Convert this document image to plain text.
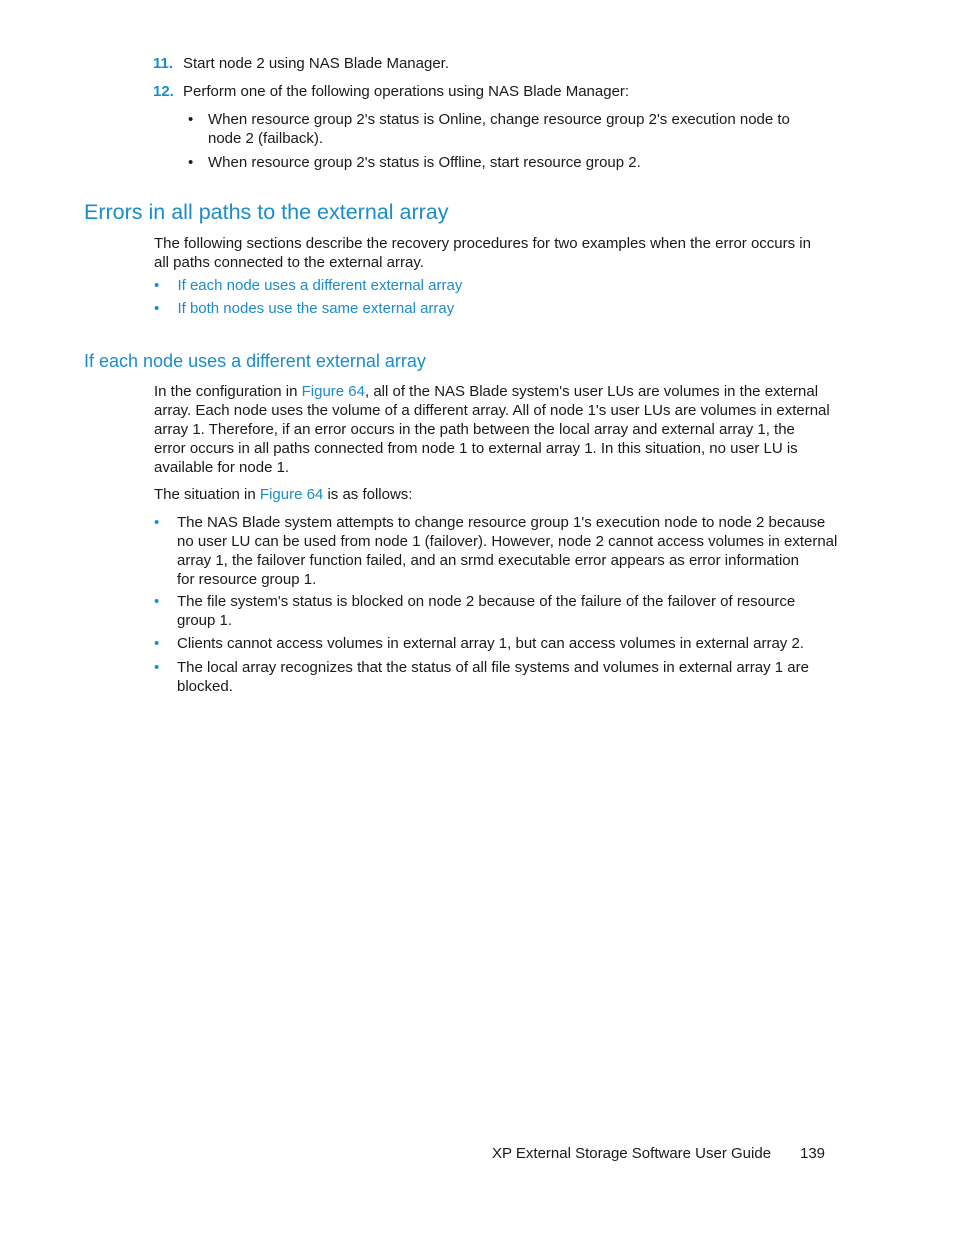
11. Start node 2 using NAS Blade Manager.
12. Perform one of the following operations using NAS Blade Manager:
• When resource group 2's status is Online, change resource group 2's execution node to
node 2 (failback).
• When resource group 2's status is Offline, start resource group 2.
Errors in all paths to the external array
The following sections describe the recovery procedures for two examples when the error occurs in
all paths connected to the external array.
• If each node uses a different external array
• If both nodes use the same external array
If each node uses a different external array
In the configuration in Figure 64, all of the NAS Blade system's user LUs are volumes in the external
array. Each node uses the volume of a different array. All of node 1's user LUs are volumes in external
array 1. Therefore, if an error occurs in the path between the local array and external array 1, the
error occurs in all paths connected from node 1 to external array 1. In this situation, no user LU is
available for node 1.
The situation in Figure 64 is as follows:
• The NAS Blade system attempts to change resource group 1's execution node to node 2 because
no user LU can be used from node 1 (failover). However, node 2 cannot access volumes in external
array 1, the failover function failed, and an srmd executable error appears as error information
for resource group 1.
• The file system's status is blocked on node 2 because of the failure of the failover of resource
group 1.
• Clients cannot access volumes in external array 1, but can access volumes in external array 2.
• The local array recognizes that the status of all file systems and volumes in external array 1 are
blocked.
XP External Storage Software User Guide 139
